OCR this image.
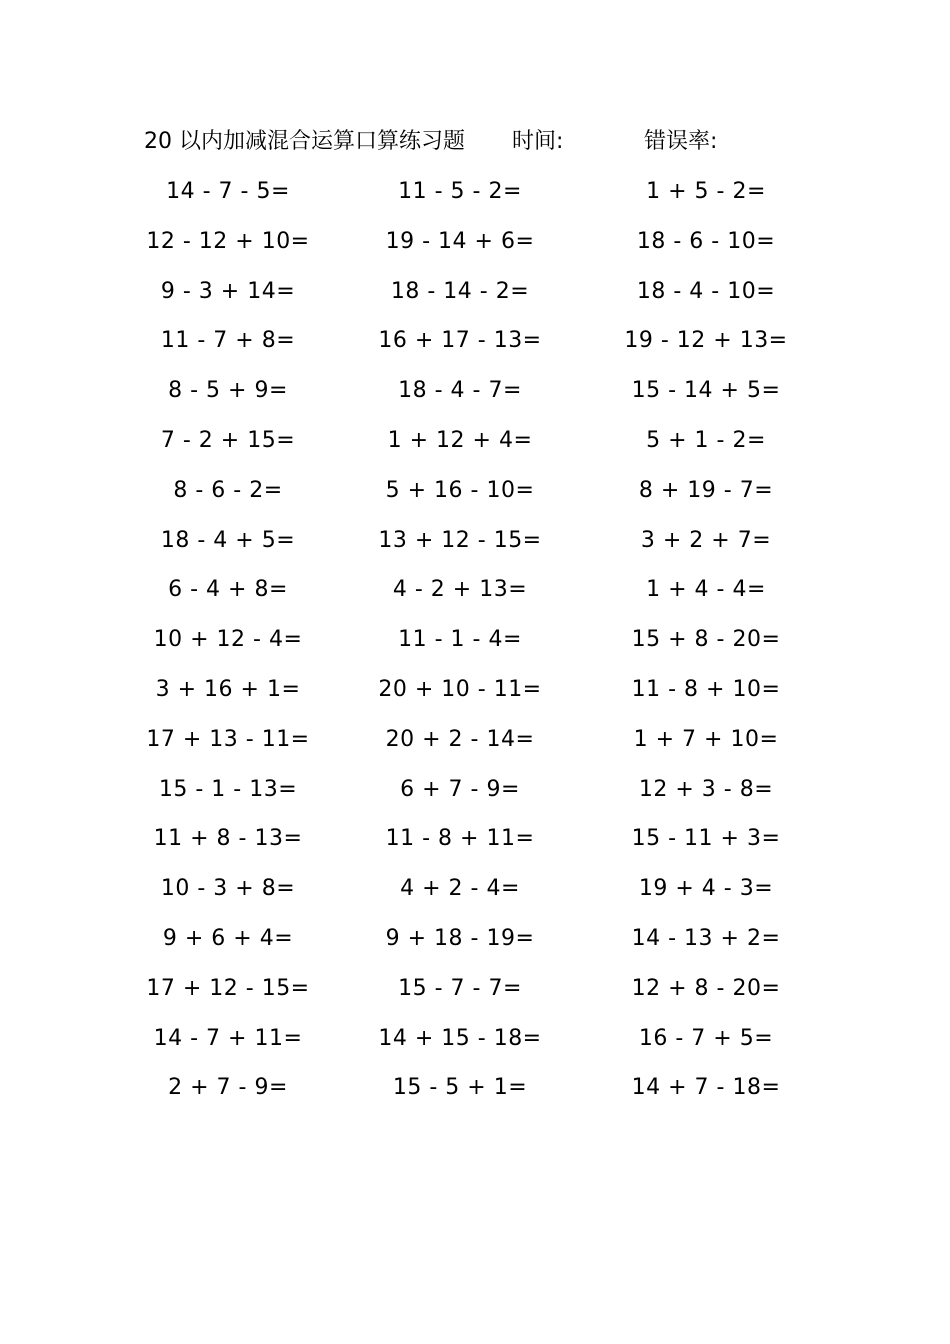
20 以内加减混合运算口算练习题 时间:	错误率:
14 - 7 - 5=	11 - 5 - 2=	1 + 5 - 2=
12 - 12 + 10=	19 - 14 + 6=	18 - 6 - 10=
9 - 3 + 14=	18 - 14 - 2=	18 - 4 - 10=
11 - 7 + 8=	16 + 17 - 13=	19 - 12 + 13=
8 - 5 + 9=	18 - 4 - 7=	15 - 14 + 5=
7 - 2 + 15=	1 + 12 + 4=	5 + 1 - 2=
8 - 6 - 2=	5 + 16 - 10=	8 + 19 - 7=
18 - 4 + 5=	13 + 12 - 15=	3 + 2 + 7=
6 - 4 + 8=	4 - 2 + 13=	1 + 4 - 4=
10 + 12 - 4=	11 - 1 - 4=	15 + 8 - 20=
3 + 16 + 1=	20 + 10 - 11=	11 - 8 + 10=
17 + 13 - 11=	20 + 2 - 14=	1 + 7 + 10=
15 - 1 - 13=	6 + 7 - 9=	12 + 3 - 8=
11 + 8 - 13=	11 - 8 + 11=	15 - 11 + 3=
10 - 3 + 8=	4 + 2 - 4=	19 + 4 - 3=
9 + 6 + 4=	9 + 18 - 19=	14 - 13 + 2=
17 + 12 - 15=	15 - 7 - 7=	12 + 8 - 20=
14 - 7 + 11=	14 + 15 - 18=	16 - 7 + 5=
2 + 7 - 9=	15 - 5 + 1=	14 + 7 - 18=
